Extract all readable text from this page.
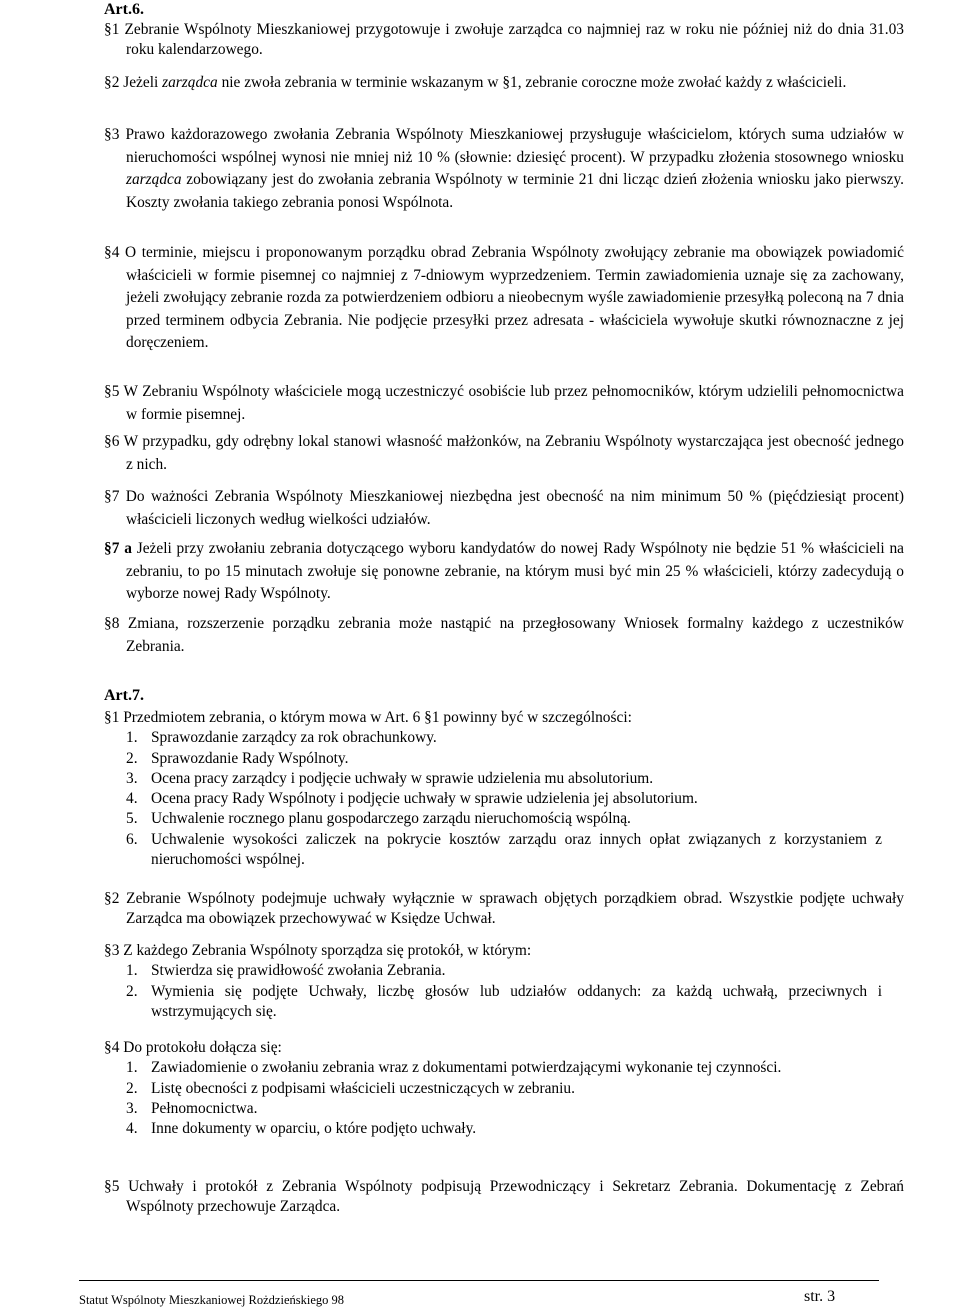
Art.6.
§1 Zebranie Wspólnoty Mieszkaniowej przygotowuje i zwołuje zarządca co najmniej raz w roku nie później niż do dnia 31.03 roku kalendarzowego.
§2 Jeżeli zarządca nie zwoła zebrania w terminie wskazanym w §1, zebranie coroczne może zwołać każdy z właścicieli.
§3 Prawo każdorazowego zwołania Zebrania Wspólnoty Mieszkaniowej przysługuje właścicielom, których suma udziałów w nieruchomości wspólnej wynosi nie mniej niż 10 % (słownie: dziesięć procent). W przypadku złożenia stosownego wniosku zarządca zobowiązany jest do zwołania zebrania Wspólnoty w terminie 21 dni licząc dzień złożenia wniosku jako pierwszy. Koszty zwołania takiego zebrania ponosi Wspólnota.
§4 O terminie, miejscu i proponowanym porządku obrad Zebrania Wspólnoty zwołujący zebranie ma obowiązek powiadomić właścicieli w formie pisemnej co najmniej z 7-dniowym wyprzedzeniem. Termin zawiadomienia uznaje się za zachowany, jeżeli zwołujący zebranie rozda za potwierdzeniem odbioru a nieobecnym wyśle zawiadomienie przesyłką poleconą na 7 dnia przed terminem odbycia Zebrania. Nie podjęcie przesyłki przez adresata - właściciela wywołuje skutki równoznaczne z jej doręczeniem.
§5 W Zebraniu Wspólnoty właściciele mogą uczestniczyć osobiście lub przez pełnomocników, którym udzielili pełnomocnictwa w formie pisemnej.
§6 W przypadku, gdy odrębny lokal stanowi własność małżonków, na Zebraniu Wspólnoty wystarczająca jest obecność jednego z nich.
§7 Do ważności Zebrania Wspólnoty Mieszkaniowej niezbędna jest obecność na nim minimum 50 % (pięćdziesiąt procent) właścicieli liczonych według wielkości udziałów.
§7 a Jeżeli przy zwołaniu zebrania dotyczącego wyboru kandydatów do nowej Rady Wspólnoty nie będzie 51 % właścicieli na zebraniu, to po 15 minutach zwołuje się ponowne zebranie, na którym musi być min 25 % właścicieli, którzy zadecydują o wyborze nowej Rady Wspólnoty.
§8 Zmiana, rozszerzenie porządku zebrania może nastąpić na przegłosowany Wniosek formalny każdego z uczestników Zebrania.
Art.7.
§1 Przedmiotem zebrania, o którym mowa w Art. 6 §1 powinny być w szczególności:
1. Sprawozdanie zarządcy za rok obrachunkowy.
2. Sprawozdanie Rady Wspólnoty.
3. Ocena pracy zarządcy i podjęcie uchwały w sprawie udzielenia mu absolutorium.
4. Ocena pracy Rady Wspólnoty i podjęcie uchwały w sprawie udzielenia jej absolutorium.
5. Uchwalenie rocznego planu gospodarczego zarządu nieruchomością wspólną.
6. Uchwalenie wysokości zaliczek na pokrycie kosztów zarządu oraz innych opłat związanych z korzystaniem z nieruchomości wspólnej.
§2 Zebranie Wspólnoty podejmuje uchwały wyłącznie w sprawach objętych porządkiem obrad. Wszystkie podjęte uchwały Zarządca ma obowiązek przechowywać w Księdze Uchwał.
§3 Z każdego Zebrania Wspólnoty sporządza się protokół, w którym:
1. Stwierdza się prawidłowość zwołania Zebrania.
2. Wymienia się podjęte Uchwały, liczbę głosów lub udziałów oddanych: za każdą uchwałą, przeciwnych i wstrzymujących się.
§4 Do protokołu dołącza się:
1. Zawiadomienie o zwołaniu zebrania wraz z dokumentami potwierdzającymi wykonanie tej czynności.
2. Listę obecności z podpisami właścicieli uczestniczących w zebraniu.
3. Pełnomocnictwa.
4. Inne dokumenty w oparciu, o które podjęto uchwały.
§5 Uchwały i protokół z Zebrania Wspólnoty podpisują Przewodniczący i Sekretarz Zebrania. Dokumentację z Zebrań Wspólnoty przechowuje Zarządca.
Statut Wspólnoty Mieszkaniowej Rożdzieńskiego 98	str. 3
